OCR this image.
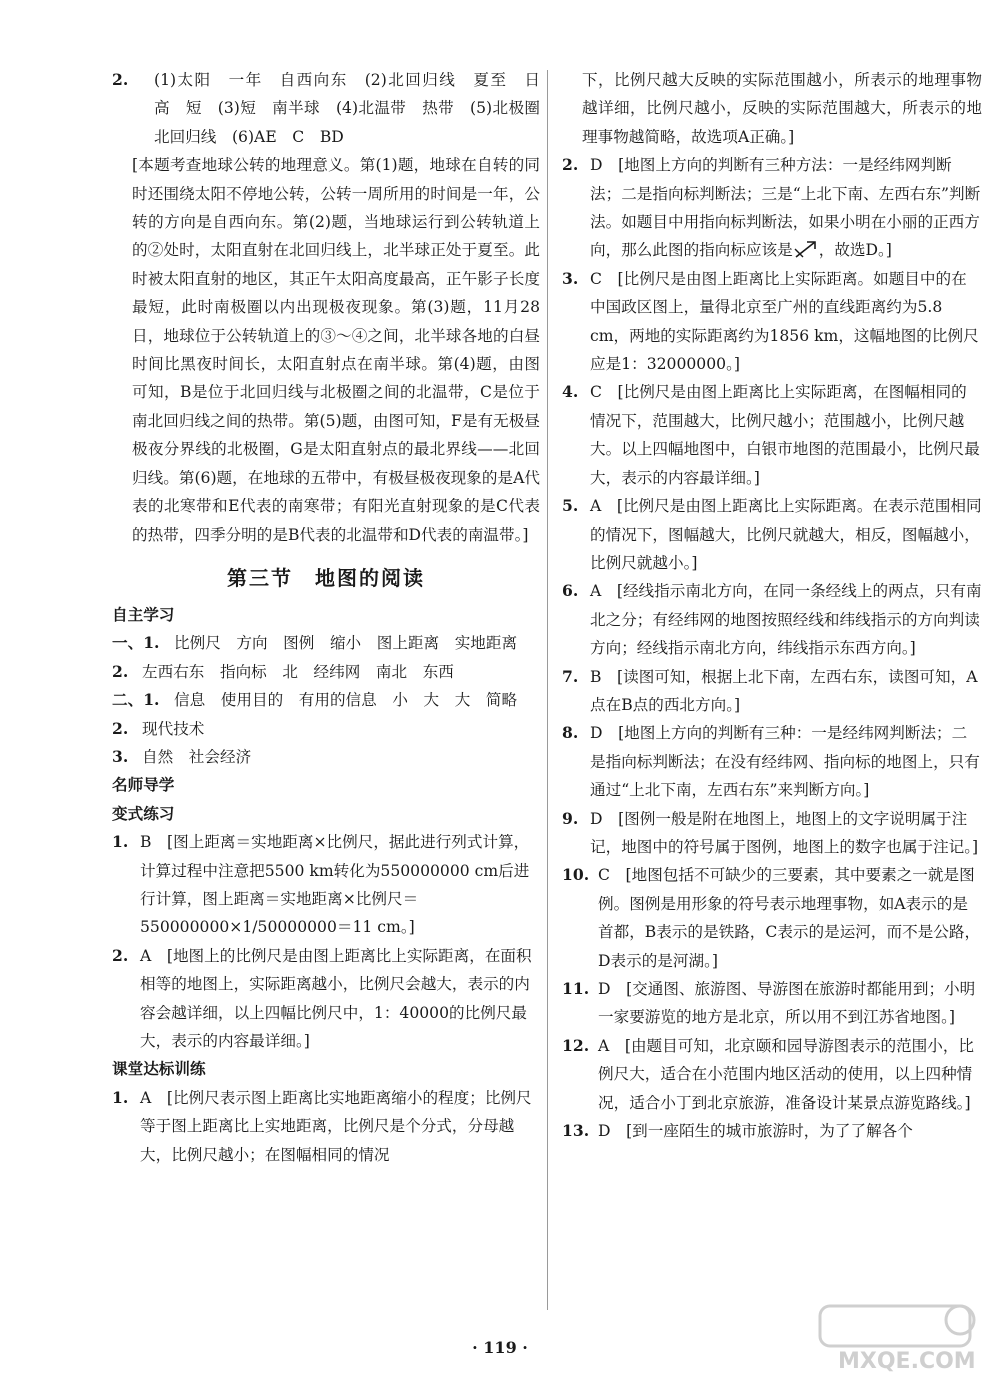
2.	(1)太阳　一年　自西向东　(2)北回归线　夏至　日　高　短　(3)短　南半球　(4)北温带　热带　(5)北极圈　北回归线　(6)AE　C　BD
[本题考查地球公转的地理意义。第(1)题，地球在自转的同时还围绕太阳不停地公转，公转一周所用的时间是一年，公转的方向是自西向东。第(2)题，当地球运行到公转轨道上的②处时，太阳直射在北回归线上，北半球正处于夏至。此时被太阳直射的地区，其正午太阳高度最高，正午影子长度最短，此时南极圈以内出现极夜现象。第(3)题，11月28日，地球位于公转轨道上的③～④之间，北半球各地的白昼时间比黑夜时间长，太阳直射点在南半球。第(4)题，由图可知，B是位于北回归线与北极圈之间的北温带，C是位于南北回归线之间的热带。第(5)题，由图可知，F是有无极昼极夜分界线的北极圈，G是太阳直射点的最北界线——北回归线。第(6)题，在地球的五带中，有极昼极夜现象的是A代表的北寒带和E代表的南寒带；有阳光直射现象的是C代表的热带，四季分明的是B代表的北温带和D代表的南温带。]
第三节　地图的阅读
自主学习
一、1. 比例尺　方向　图例　缩小　图上距离　实地距离
2. 左西右东　指向标　北　经纬网　南北　东西
二、1. 信息　使用目的　有用的信息　小　大　大　简略
2. 现代技术
3. 自然　社会经济
名师导学
变式练习
1. B　[图上距离＝实地距离×比例尺，据此进行列式计算，计算过程中注意把5500 km转化为550000000 cm后进行计算，图上距离＝实地距离×比例尺＝550000000×1/50000000＝11 cm。]
2. A　[地图上的比例尺是由图上距离比上实际距离，在面积相等的地图上，实际距离越小，比例尺会越大，表示的内容会越详细，以上四幅比例尺中，1：40000的比例尺最大，表示的内容最详细。]
课堂达标训练
1. A　[比例尺表示图上距离比实地距离缩小的程度；比例尺等于图上距离比上实地距离，比例尺是个分式，分母越大，比例尺越小；在图幅相同的情况
下，比例尺越大反映的实际范围越小，所表示的地理事物越详细，比例尺越小，反映的实际范围越大，所表示的地理事物越简略，故选项A正确。]
2. D　[地图上方向的判断有三种方法：一是经纬网判断法；二是指向标判断法；三是“上北下南、左西右东”判断法。如题目中用指向标判断法，如果小明在小丽的正西方向，那么此图的指向标应该是 ，故选D。]
3. C　[比例尺是由图上距离比上实际距离。如题目中的在中国政区图上，量得北京至广州的直线距离约为5.8 cm，两地的实际距离约为1856 km，这幅地图的比例尺应是1：32000000。]
4. C　[比例尺是由图上距离比上实际距离，在图幅相同的情况下，范围越大，比例尺越小；范围越小，比例尺越大。以上四幅地图中，白银市地图的范围最小，比例尺最大，表示的内容最详细。]
5. A　[比例尺是由图上距离比上实际距离。在表示范围相同的情况下，图幅越大，比例尺就越大，相反，图幅越小，比例尺就越小。]
6. A　[经线指示南北方向，在同一条经线上的两点，只有南北之分；有经纬网的地图按照经线和纬线指示的方向判读方向；经线指示南北方向，纬线指示东西方向。]
7. B　[读图可知，根据上北下南，左西右东，读图可知，A点在B点的西北方向。]
8. D　[地图上方向的判断有三种：一是经纬网判断法；二是指向标判断法；在没有经纬网、指向标的地图上，只有通过“上北下南，左西右东”来判断方向。]
9. D　[图例一般是附在地图上，地图上的文字说明属于注记，地图中的符号属于图例，地图上的数字也属于注记。]
10. C　[地图包括不可缺少的三要素，其中要素之一就是图例。图例是用形象的符号表示地理事物，如A表示的是首都，B表示的是铁路，C表示的是运河，而不是公路，D表示的是河湖。]
11. D　[交通图、旅游图、导游图在旅游时都能用到；小明一家要游览的地方是北京，所以用不到江苏省地图。]
12. A　[由题目可知，北京颐和园导游图表示的范围小，比例尺大，适合在小范围内地区活动的使用，以上四种情况，适合小丁到北京旅游，准备设计某景点游览路线。]
13. D　[到一座陌生的城市旅游时，为了了解各个
· 119 ·
MXQE.COM
